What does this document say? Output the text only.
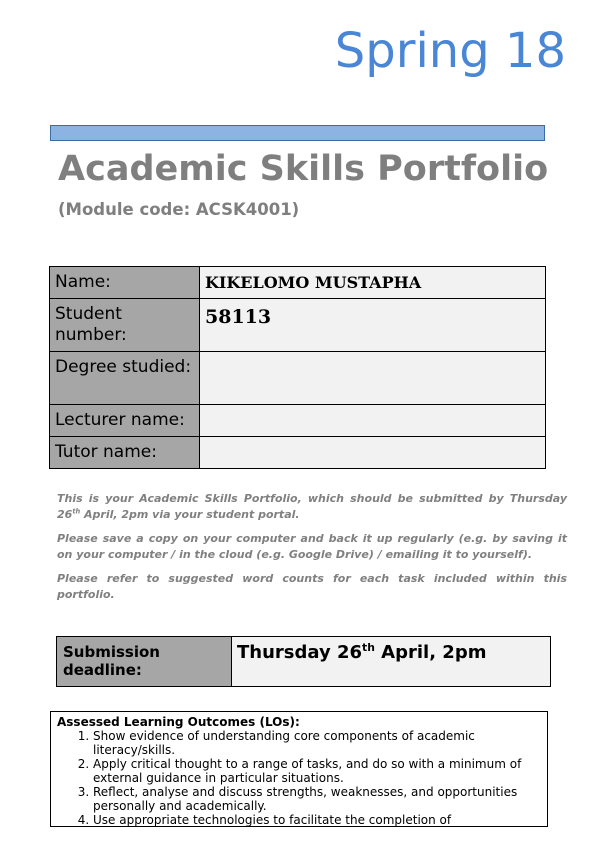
Spring 18
Academic Skills Portfolio
(Module code: ACSK4001)
Name:	KIKELOMO MUSTAPHA
Student number:	58113
Degree studied:	
Lecturer name:	
Tutor name:	

This is your Academic Skills Portfolio, which should be submitted by Thursday 26th April, 2pm via your student portal.

Please save a copy on your computer and back it up regularly (e.g. by saving it on your computer / in the cloud (e.g. Google Drive) / emailing it to yourself).

Please refer to suggested word counts for each task included within this portfolio.

Submission deadline:	Thursday 26th April, 2pm
Assessed Learning Outcomes (LOs):
1. Show evidence of understanding core components of academic literacy/skills.
2. Apply critical thought to a range of tasks, and do so with a minimum of external guidance in particular situations.
3. Reflect, analyse and discuss strengths, weaknesses, and opportunities personally and academically.
4. Use appropriate technologies to facilitate the completion of
